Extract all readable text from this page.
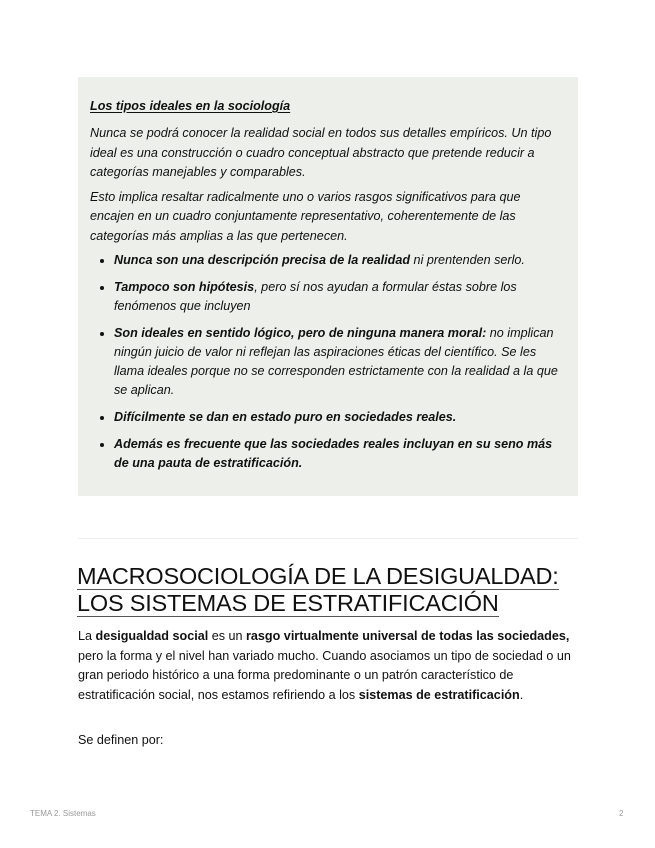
Los tipos ideales en la sociología

Nunca se podrá conocer la realidad social en todos sus detalles empíricos. Un tipo ideal es una construcción o cuadro conceptual abstracto que pretende reducir a categorías manejables y comparables.

Esto implica resaltar radicalmente uno o varios rasgos significativos para que encajen en un cuadro conjuntamente representativo, coherentemente de las categorías más amplias a las que pertenecen.

• Nunca son una descripción precisa de la realidad ni prentenden serlo.
• Tampoco son hipótesis, pero sí nos ayudan a formular éstas sobre los fenómenos que incluyen
• Son ideales en sentido lógico, pero de ninguna manera moral: no implican ningún juicio de valor ni reflejan las aspiraciones éticas del científico. Se les llama ideales porque no se corresponden estrictamente con la realidad a la que se aplican.
• Difícilmente se dan en estado puro en sociedades reales.
• Además es frecuente que las sociedades reales incluyan en su seno más de una pauta de estratificación.
MACROSOCIOLOGÍA DE LA DESIGUALDAD:
LOS SISTEMAS DE ESTRATIFICACIÓN

La desigualdad social es un rasgo virtualmente universal de todas las sociedades, pero la forma y el nivel han variado mucho. Cuando asociamos un tipo de sociedad o un gran periodo histórico a una forma predominante o un patrón característico de estratificación social, nos estamos refiriendo a los sistemas de estratificación.

Se definen por:

TEMA 2. Sistemas	2
